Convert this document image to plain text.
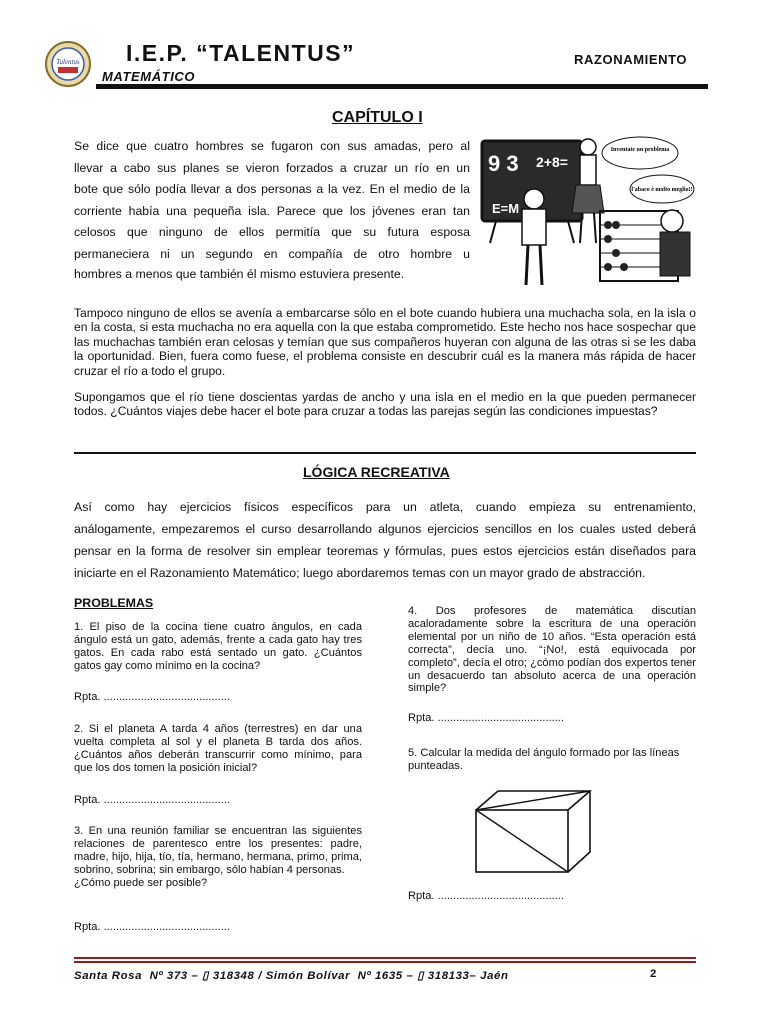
Talentus I.E.P. “TALENTUS”	RAZONAMIENTO
MATEMÁTICO
CAPÍTULO I
Se dice que cuatro hombres se fugaron con sus amadas, pero al
llevar a cabo sus planes se vieron forzados a cruzar un río en un
bote que sólo podía llevar a dos personas a la vez. En el medio de la
corriente había una pequeña isla. Parece que los jóvenes eran tan
celosos que ninguno de ellos permitía que su futura esposa
permaneciera ni un segundo en compañía de otro hombre u
hombres a menos que también él mismo estuviera presente.
9 3 2+8=
E=M
Inventate un problema
l'abaco è molto meglio!!
Tampoco ninguno de ellos se avenía a embarcarse sólo en el bote cuando hubiera una muchacha sola, en la isla o en la costa, si esta muchacha no era aquella con la que estaba comprometido. Este hecho nos hace sospechar que las muchachas también eran celosas y temían que sus compañeros huyeran con alguna de las otras si se les daba la oportunidad. Bien, fuera como fuese, el problema consiste en descubrir cuál es la manera más rápida de hacer cruzar el río a todo el grupo.
Supongamos que el río tiene doscientas yardas de ancho y una isla en el medio en la que pueden permanecer todos. ¿Cuántos viajes debe hacer el bote para cruzar a todas las parejas según las condiciones impuestas?
LÓGICA RECREATIVA
Así como hay ejercicios físicos específicos para un atleta, cuando empieza su entrenamiento,
análogamente, empezaremos el curso desarrollando algunos ejercicios sencillos en los cuales usted deberá
pensar en la forma de resolver sin emplear teoremas y fórmulas, pues estos ejercicios están diseñados para
iniciarte en el Razonamiento Matemático; luego abordaremos temas con un mayor grado de abstracción.
PROBLEMAS
1. El piso de la cocina tiene cuatro ángulos, en cada ángulo está un gato, además, frente a cada gato hay tres gatos. En cada rabo está sentado un gato. ¿Cuántos gatos gay como mínimo en la cocina?
Rpta. .........................................
2. Si el planeta A tarda 4 años (terrestres) en dar una vuelta completa al sol y el planeta B tarda dos años. ¿Cuántos años deberán transcurrir como mínimo, para que los dos tomen la posición inicial?
Rpta. .........................................
3. En una reunión familiar se encuentran las siguientes relaciones de parentesco entre los presentes: padre, madre, hijo, hija, tío, tía, hermano, hermana, primo, prima, sobrino, sobrina; sin embargo, sólo habían 4 personas.
¿Cómo puede ser posible?
Rpta. .........................................
4. Dos profesores de matemática discutían acaloradamente sobre la escritura de una operación elemental por un niño de 10 años. “Esta operación está correcta”, decía uno. “¡No!, está equivocada por completo”, decía el otro; ¿cómo podían dos expertos tener un desacuerdo tan absoluto acerca de una operación simple?
Rpta. .........................................
5. Calcular la medida del ángulo formado por las líneas punteadas.
Rpta. .........................................
Santa Rosa  Nº 373 – ▯ 318348 / Simón Bolívar  Nº 1635 – ▯ 318133– Jaén	2
